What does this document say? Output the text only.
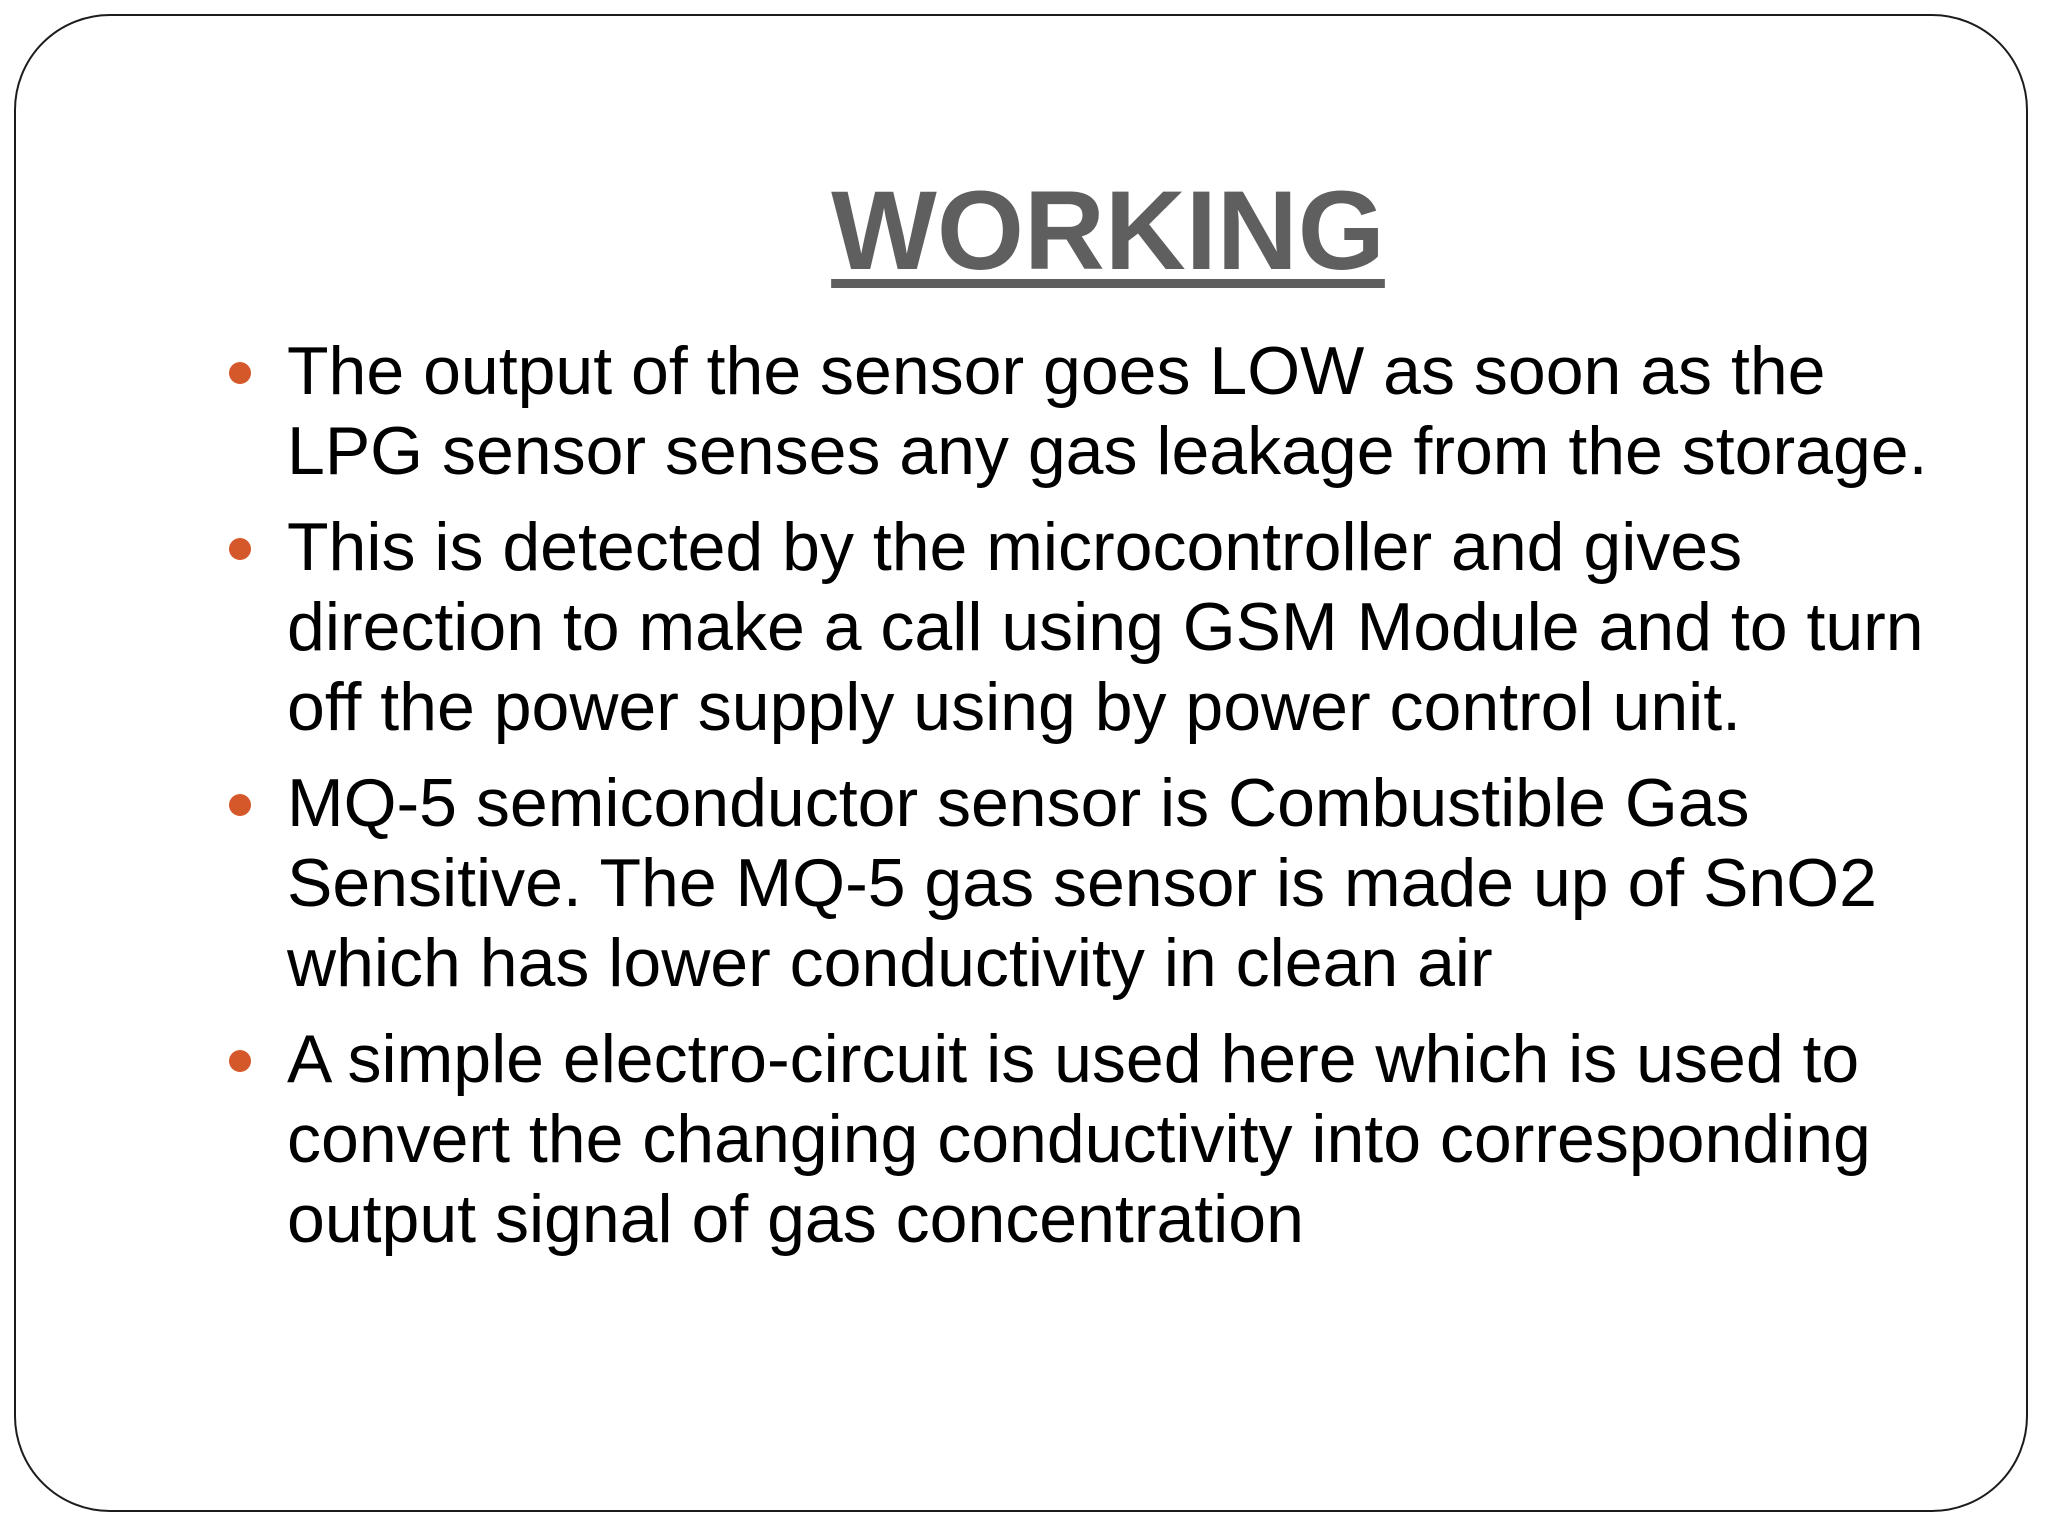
WORKING
The output of the sensor goes LOW as soon as the LPG sensor senses any gas leakage from the storage.
This is detected by the microcontroller and gives direction to make a call using GSM Module and to turn off the power supply using by power control unit.
MQ-5 semiconductor sensor is Combustible Gas Sensitive. The MQ-5 gas sensor is made up of SnO2 which has lower conductivity in clean air
A simple electro-circuit is used here which is used to convert the changing conductivity into corresponding output signal of gas concentration
